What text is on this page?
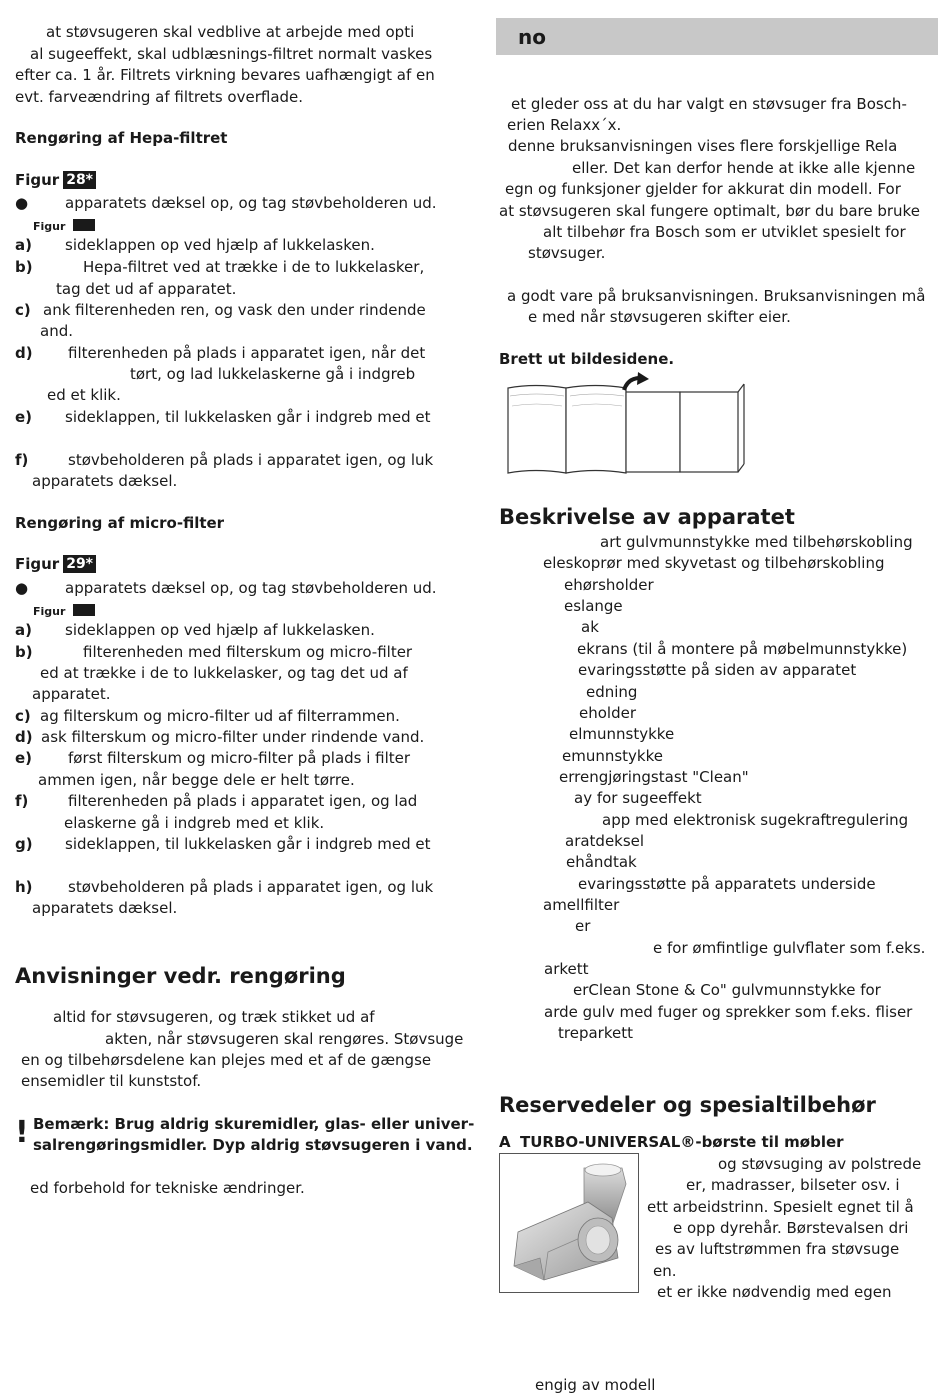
at støvsugeren skal vedblive at arbejde med opti
al sugeeffekt, skal udblæsnings-filtret normalt vaskes
efter ca. 1 år. Filtrets virkning bevares uafhængigt af en
evt. farveændring af filtrets overflade.
Rengøring af Hepa-filtret
Figur 28*
● apparatets dæksel op, og tag støvbeholderen ud.
Figur
a) sideklappen op ved hjælp af lukkelasken.
b)	Hepa-filtret ved at trække i de to lukkelasker,
tag det ud af apparatet.
c) ank filterenheden ren, og vask den under rindende
and.
d) filterenheden på plads i apparatet igen, når det
tørt, og lad lukkelaskerne gå i indgreb
ed et klik.
e) sideklappen, til lukkelasken går i indgreb med et
f)	støvbeholderen på plads i apparatet igen, og luk
apparatets dæksel.
Rengøring af micro-filter
Figur 29*
● apparatets dæksel op, og tag støvbeholderen ud.
Figur
a) sideklappen op ved hjælp af lukkelasken.
b)	filterenheden med filterskum og micro-filter
ed at trække i de to lukkelasker, og tag det ud af
apparatet.
c) ag filterskum og micro-filter ud af filterrammen.
d) ask filterskum og micro-filter under rindende vand.
e) først filterskum og micro-filter på plads i filter
ammen igen, når begge dele er helt tørre.
f)	filterenheden på plads i apparatet igen, og lad
elaskerne gå i indgreb med et klik.
g) sideklappen, til lukkelasken går i indgreb med et
h) støvbeholderen på plads i apparatet igen, og luk
apparatets dæksel.
Anvisninger vedr. rengøring
altid for støvsugeren, og træk stikket ud af
akten, når støvsugeren skal rengøres. Støvsuge
en og tilbehørsdelene kan plejes med et af de gængse
ensemidler til kunststof.
! Bemærk: Brug aldrig skuremidler, glas- eller univer-
salrengøringsmidler. Dyp aldrig støvsugeren i vand.
ed forbehold for tekniske ændringer.
no
et gleder oss at du har valgt en støvsuger fra Bosch-
erien Relaxx´x.
denne bruksanvisningen vises flere forskjellige Rela
eller. Det kan derfor hende at ikke alle kjenne
egn og funksjoner gjelder for akkurat din modell. For
at støvsugeren skal fungere optimalt, bør du bare bruke
alt tilbehør fra Bosch som er utviklet spesielt for
støvsuger.
a godt vare på bruksanvisningen. Bruksanvisningen må
e med når støvsugeren skifter eier.
Brett ut bildesidene.
Beskrivelse av apparatet
art gulvmunnstykke med tilbehørskobling
eleskoprør med skyvetast og tilbehørskobling
ehørsholder
eslange
ak
ekrans (til å montere på møbelmunnstykke)
evaringsstøtte på siden av apparatet
edning
eholder
elmunnstykke
emunnstykke
errengjøringstast "Clean"
ay for sugeeffekt
app med elektronisk sugekraftregulering
aratdeksel
ehåndtak
evaringsstøtte på apparatets underside
amellfilter
er
e for ømfintlige gulvflater som f.eks.
arkett
erClean Stone & Co" gulvmunnstykke for
arde gulv med fuger og sprekker som f.eks. fliser
treparkett
Reservedeler og spesialtilbehør
A TURBO-UNIVERSAL®-børste til møbler
og støvsuging av polstrede
er, madrasser, bilseter osv. i
ett arbeidstrinn. Spesielt egnet til å
e opp dyrehår. Børstevalsen dri
es av luftstrømmen fra støvsuge
en.
et er ikke nødvendig med egen
engig av modell
